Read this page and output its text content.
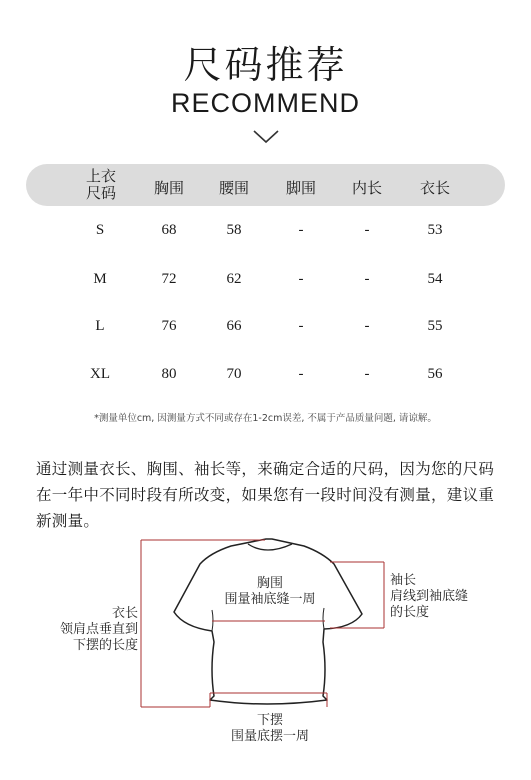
尺码推荐
RECOMMEND
上衣
尺码	胸围	腰围	脚围	内长	衣长
S	68	58	-	-	53
M	72	62	-	-	54
L	76	66	-	-	55
XL	80	70	-	-	56
*测量单位cm, 因测量方式不同或存在1-2cm误差, 不属于产品质量问题, 请谅解。
通过测量衣长、胸围、袖长等，来确定合适的尺码，因为您的尺码在一年中不同时段有所改变，如果您有一段时间没有测量，建议重新测量。
胸围
围量袖底缝一周
袖长
肩线到袖底缝
的长度
衣长
领肩点垂直到
下摆的长度
下摆
围量底摆一周
